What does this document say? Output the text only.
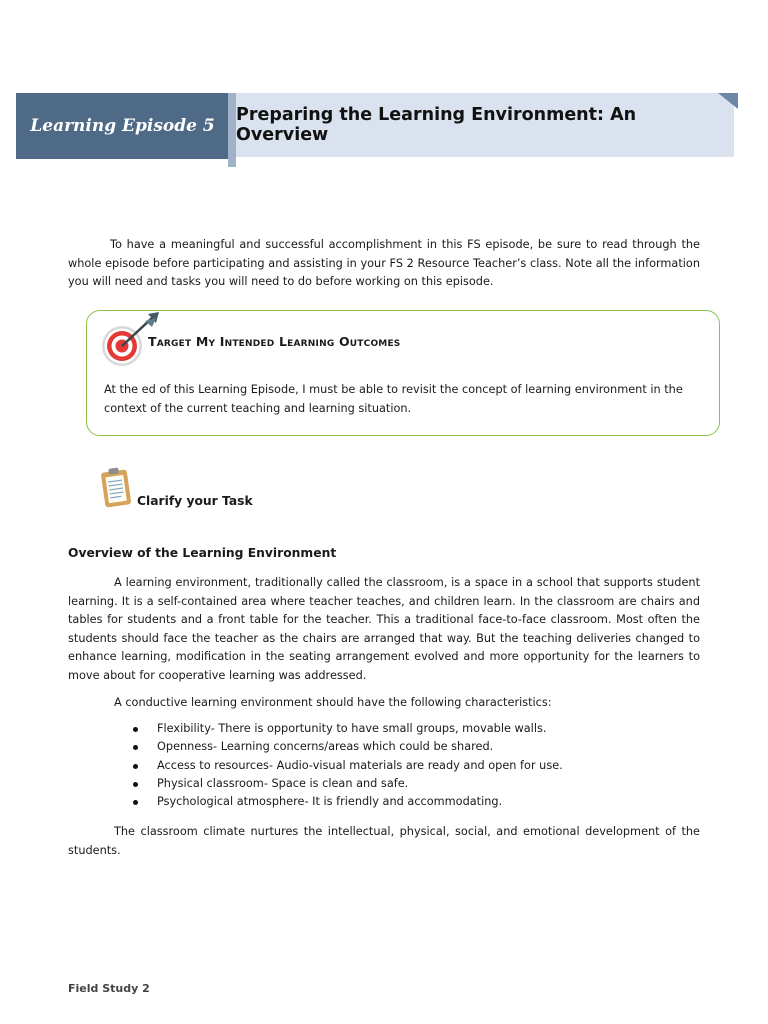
Learning Episode 5
Preparing the Learning Environment: An Overview

To have a meaningful and successful accomplishment in this FS episode, be sure to read through the whole episode before participating and assisting in your FS 2 Resource Teacher’s class. Note all the information you will need and tasks you will need to do before working on this episode.

Target My Intended Learning Outcomes

At the ed of this Learning Episode, I must be able to revisit the concept of learning environment in the context of the current teaching and learning situation.

Clarify your Task
Overview of the Learning Environment

A learning environment, traditionally called the classroom, is a space in a school that supports student learning. It is a self-contained area where teacher teaches, and children learn. In the classroom are chairs and tables for students and a front table for the teacher. This a traditional face-to-face classroom. Most often the students should face the teacher as the chairs are arranged that way. But the teaching deliveries changed to enhance learning, modification in the seating arrangement evolved and more opportunity for the learners to move about for cooperative learning was addressed.

A conductive learning environment should have the following characteristics:

Flexibility- There is opportunity to have small groups, movable walls.
Openness- Learning concerns/areas which could be shared.
Access to resources- Audio-visual materials are ready and open for use.
Physical classroom- Space is clean and safe.
Psychological atmosphere- It is friendly and accommodating.

The classroom climate nurtures the intellectual, physical, social, and emotional development of the students.

Field Study 2
